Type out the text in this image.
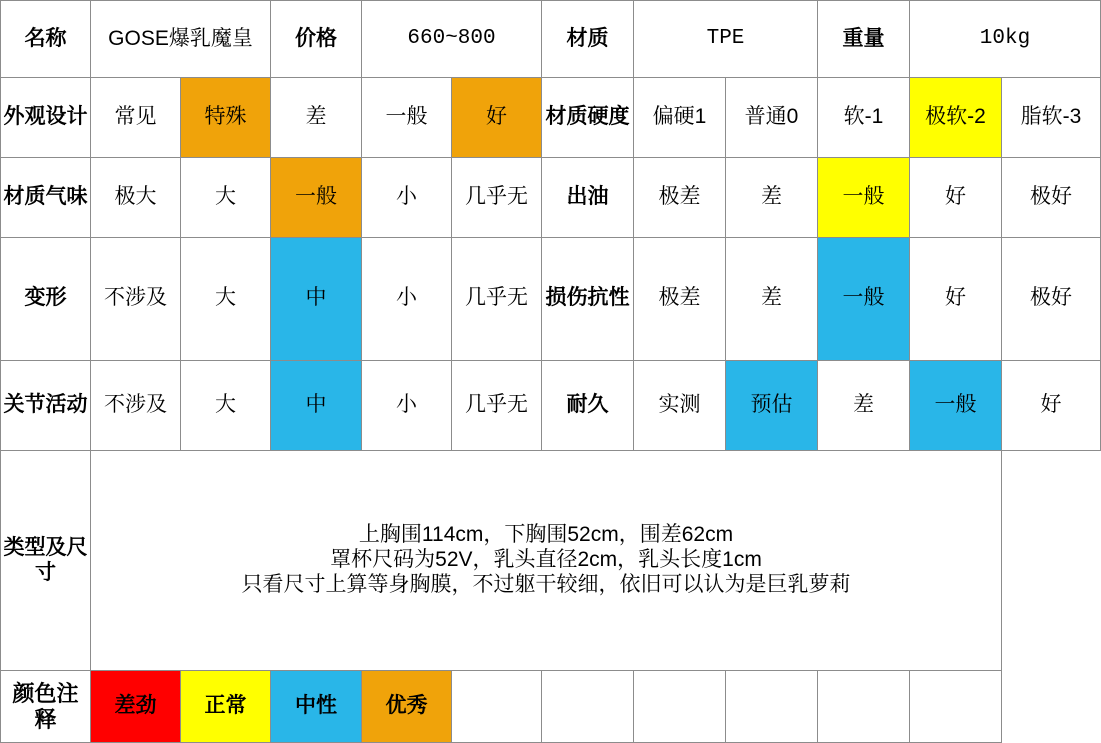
名称	GOSE爆乳魔皇		价格	660~800		材质	TPE		重量	10kg	
外观设计	常见	特殊	差	一般	好	材质硬度	偏硬1	普通0	软-1	极软-2	脂软-3
材质气味	极大	大	一般	小	几乎无	出油	极差	差	一般	好	极好
变形	不涉及	大	中	小	几乎无	损伤抗性	极差	差	一般	好	极好
关节活动	不涉及	大	中	小	几乎无	耐久	实测	预估	差	一般	好
类型及尺寸	上胸围114cm，下胸围52cm，围差62cm
罩杯尺码为52V，乳头直径2cm，乳头长度1cm
只看尺寸上算等身胸膜，不过躯干较细，依旧可以认为是巨乳萝莉										

颜色注释	差劲	正常	中性	优秀							
